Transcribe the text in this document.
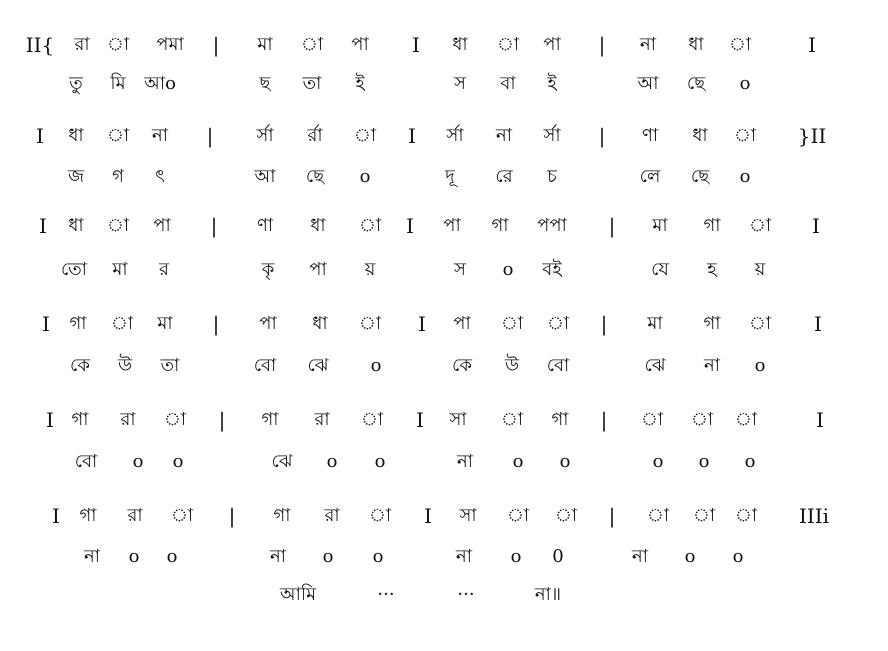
II{ রা া পমা | মা া পা I ধা া পা | না ধা া	I
তু মি আo	ছ তা ই	স বা ই	আ ছে o
I ধা া না | র্সা র্রা া I র্সা না র্সা | ণা ধা া }II
জ গ ৎ	আ ছে o	দূ রে চ	লে ছে o
I ধা া পা | ণা ধা া I পা গা পপা | মা গা া I
তো মা র	কৃ পা য়	স o বই	যে হ য়
I গা া মা | পা ধা া I পা া া | মা গা া I
কে উ তা	বো ঝে o	কে উ বো	ঝে না o
I গা রা া | গা রা া I সা া গা | া া া	I
বো o o	ঝে o o	না o o	o o o
I গা রা া | গা রা া I সা া া | া া া IIIi
না o o	না o o	না o 0	না o o
আমি	···	···	না॥
